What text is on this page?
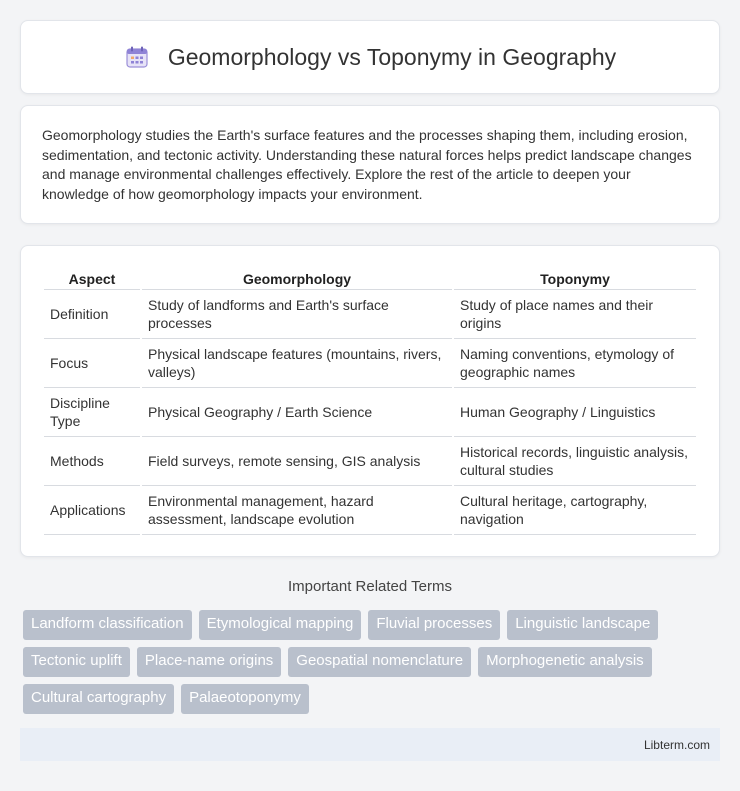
Geomorphology vs Toponymy in Geography

Geomorphology studies the Earth's surface features and the processes shaping them, including erosion, sedimentation, and tectonic activity. Understanding these natural forces helps predict landscape changes and manage environmental challenges effectively. Explore the rest of the article to deepen your knowledge of how geomorphology impacts your environment.

Aspect	Geomorphology	Toponymy
Definition	Study of landforms and Earth's surface processes	Study of place names and their origins
Focus	Physical landscape features (mountains, rivers, valleys)	Naming conventions, etymology of geographic names
Discipline Type	Physical Geography / Earth Science	Human Geography / Linguistics
Methods	Field surveys, remote sensing, GIS analysis	Historical records, linguistic analysis, cultural studies
Applications	Environmental management, hazard assessment, landscape evolution	Cultural heritage, cartography, navigation
Important Related Terms
Landform classification	Etymological mapping	Fluvial processes	Linguistic landscape
Tectonic uplift	Place-name origins	Geospatial nomenclature	Morphogenetic analysis
Cultural cartography	Palaeotoponymy
Libterm.com
